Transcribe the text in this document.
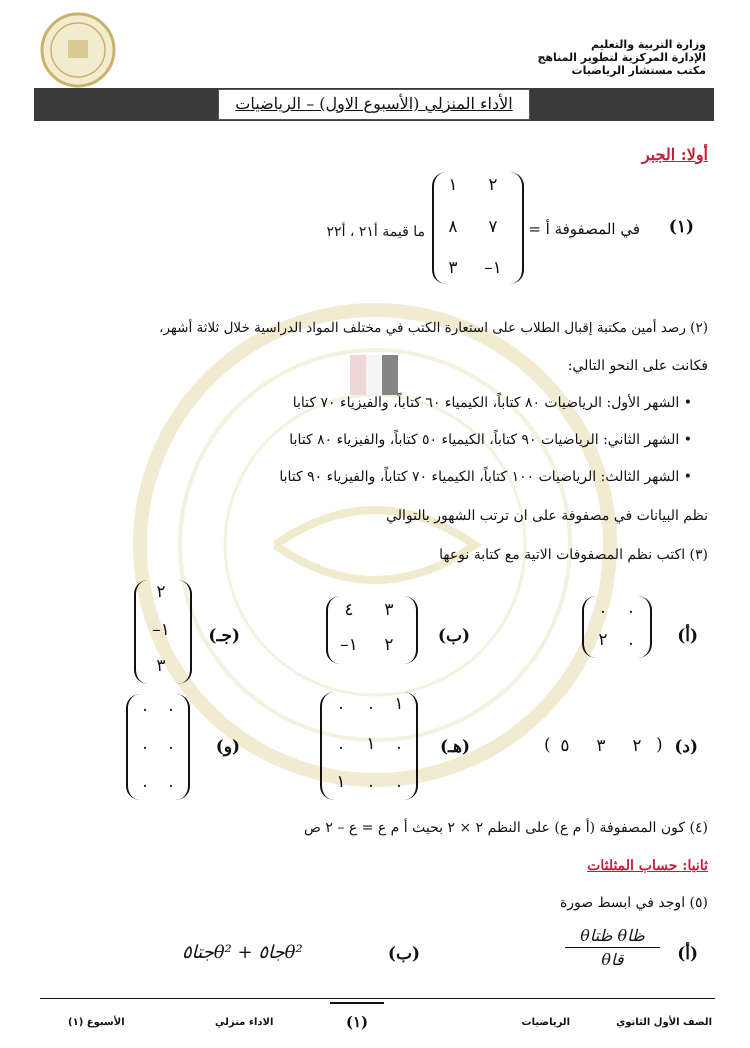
وزارة التربية والتعليم
الإدارة المركزية لتطوير المناهج
مكتب مستشار الرياضيات
الأداء المنزلي (الأسبوع الاول) – الرياضيات
أولا: الجبر
(١)
في المصفوفة أ =
٢
١
٧
٨
١–
٣
ما قيمة أ٢١ ، أ٢٢
(٢) رصد أمين مكتبة إقبال الطلاب على استعارة الكتب في مختلف المواد الدراسية خلال ثلاثة أشهر،
فكانت على النحو التالي:
• الشهر الأول: الرياضيات ٨٠ كتاباً، الكيمياء ٦٠ كتاباً، والفيزياء ٧٠ كتابا
• الشهر الثاني: الرياضيات ٩٠ كتاباً، الكيمياء ٥٠ كتاباً، والفيزياء ٨٠ كتابا
• الشهر الثالث: الرياضيات ١٠٠ كتاباً، الكيمياء ٧٠ كتاباً، والفيزياء ٩٠ كتابا
نظم البيانات في مصفوفة على ان ترتب الشهور بالتوالي
(٣) اكتب نظم المصفوفات الاتية مع كتابة نوعها
(أ)
.
.
.
٢
(ب)
٣
٤
٢
١–
(جـ)
٢
١–
٣
(د)
( ٥	٣	٢ )
(هـ)
١
.
.
.
١
.
.
.
١
(و)
.
.
.
.
.
.
(٤) كون المصفوفة (أ م ع) على النظم ٢ × ٢ بحيث أ م ع = ع – ٢ ص
ثانيا: حساب المثلثات
(٥) اوجد في ابسط صورة
(أ)
ظاθ ظتاθ
قاθ
(ب)
θ²جا٥ + θ²جتا٥
الصف الأول الثانوي
الرياضيات
(١)
الاداء منزلي
الأسبوع (١)
